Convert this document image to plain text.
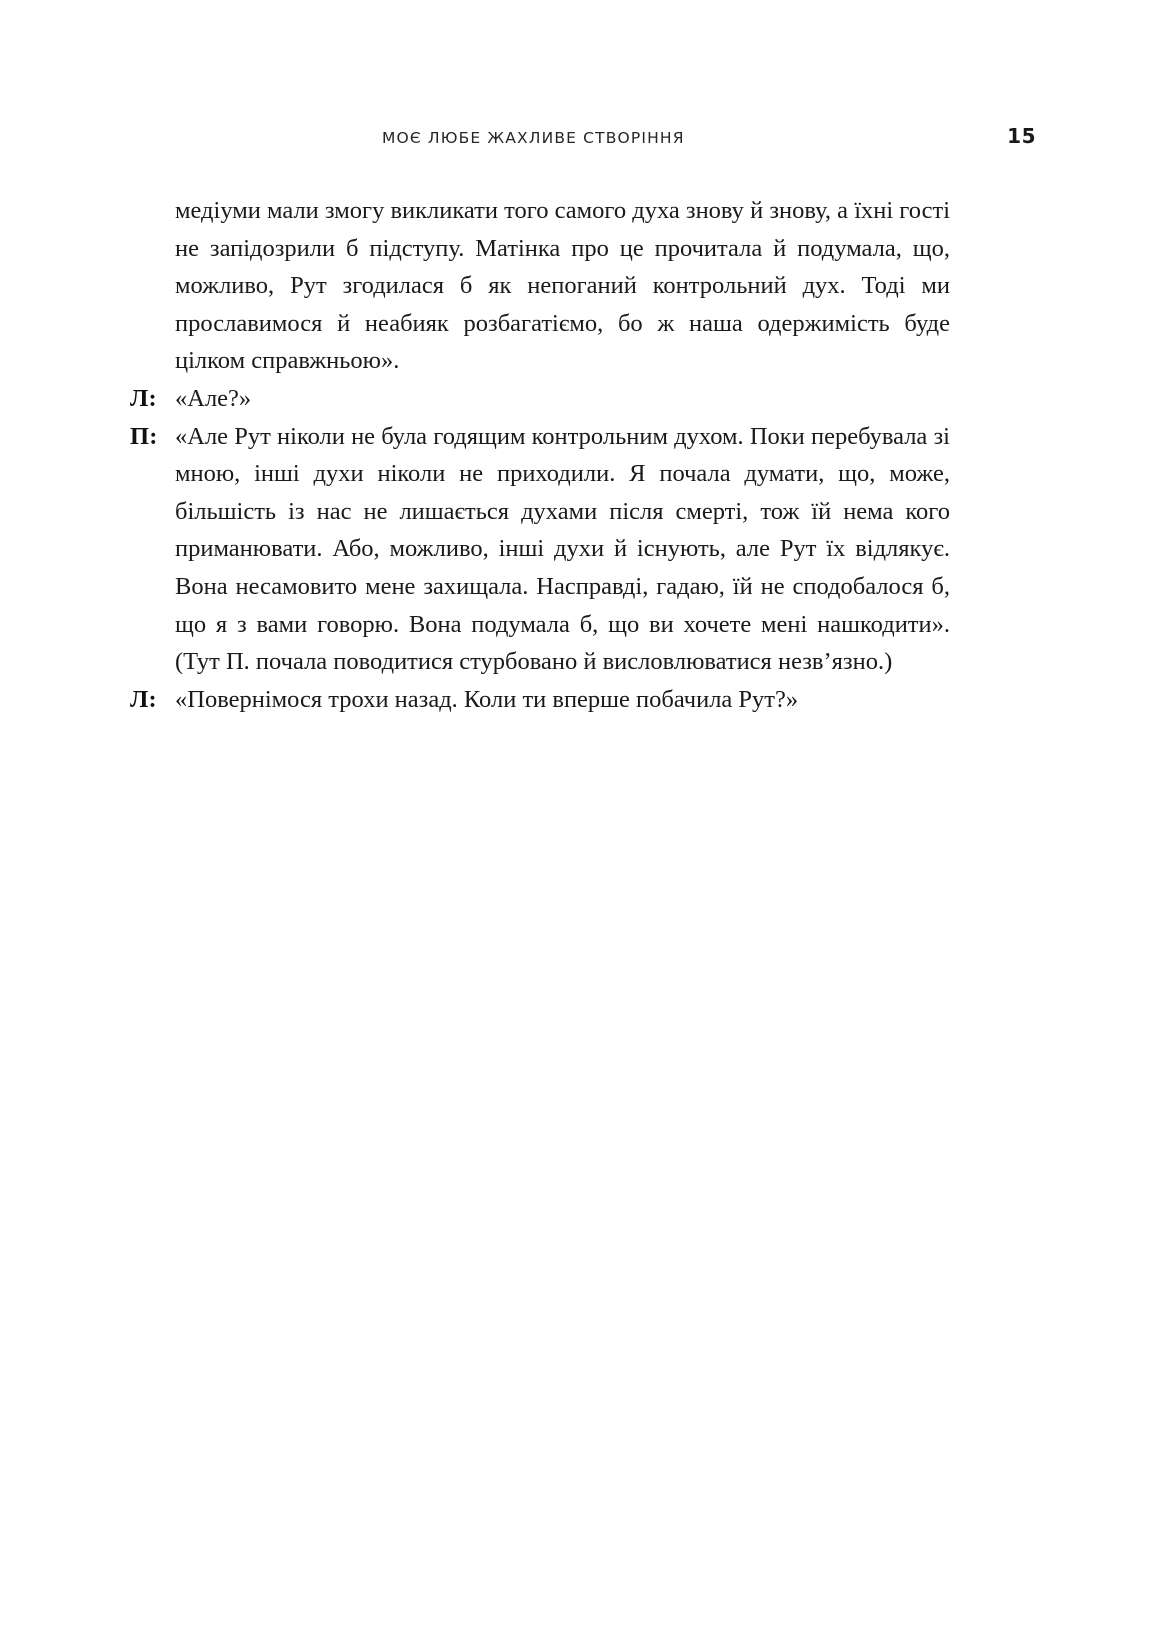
МОЄ ЛЮБЕ ЖАХЛИВЕ СТВОРІННЯ	15

медіуми мали змогу викликати того самого духа знову й знову, а їхні гості не запідозрили б підступу. Матінка про це прочитала й подумала, що, можливо, Рут згодилася б як непоганий контрольний дух. Тоді ми прославимося й неабияк розбагатіємо, бо ж наша одержимість буде цілком справжньою».

Л: «Але?»
П: «Але Рут ніколи не була годящим контрольним духом. Поки перебувала зі мною, інші духи ніколи не приходили. Я почала думати, що, може, більшість із нас не лишається духами після смерті, тож їй нема кого приманювати. Або, можливо, інші духи й існують, але Рут їх відлякує. Вона несамовито мене захищала. Насправді, гадаю, їй не сподобалося б, що я з вами говорю. Вона подумала б, що ви хочете мені нашкодити». (Тут П. почала поводитися стурбовано й висловлюватися незв’язно.)
Л: «Повернімося трохи назад. Коли ти вперше побачила Рут?»
